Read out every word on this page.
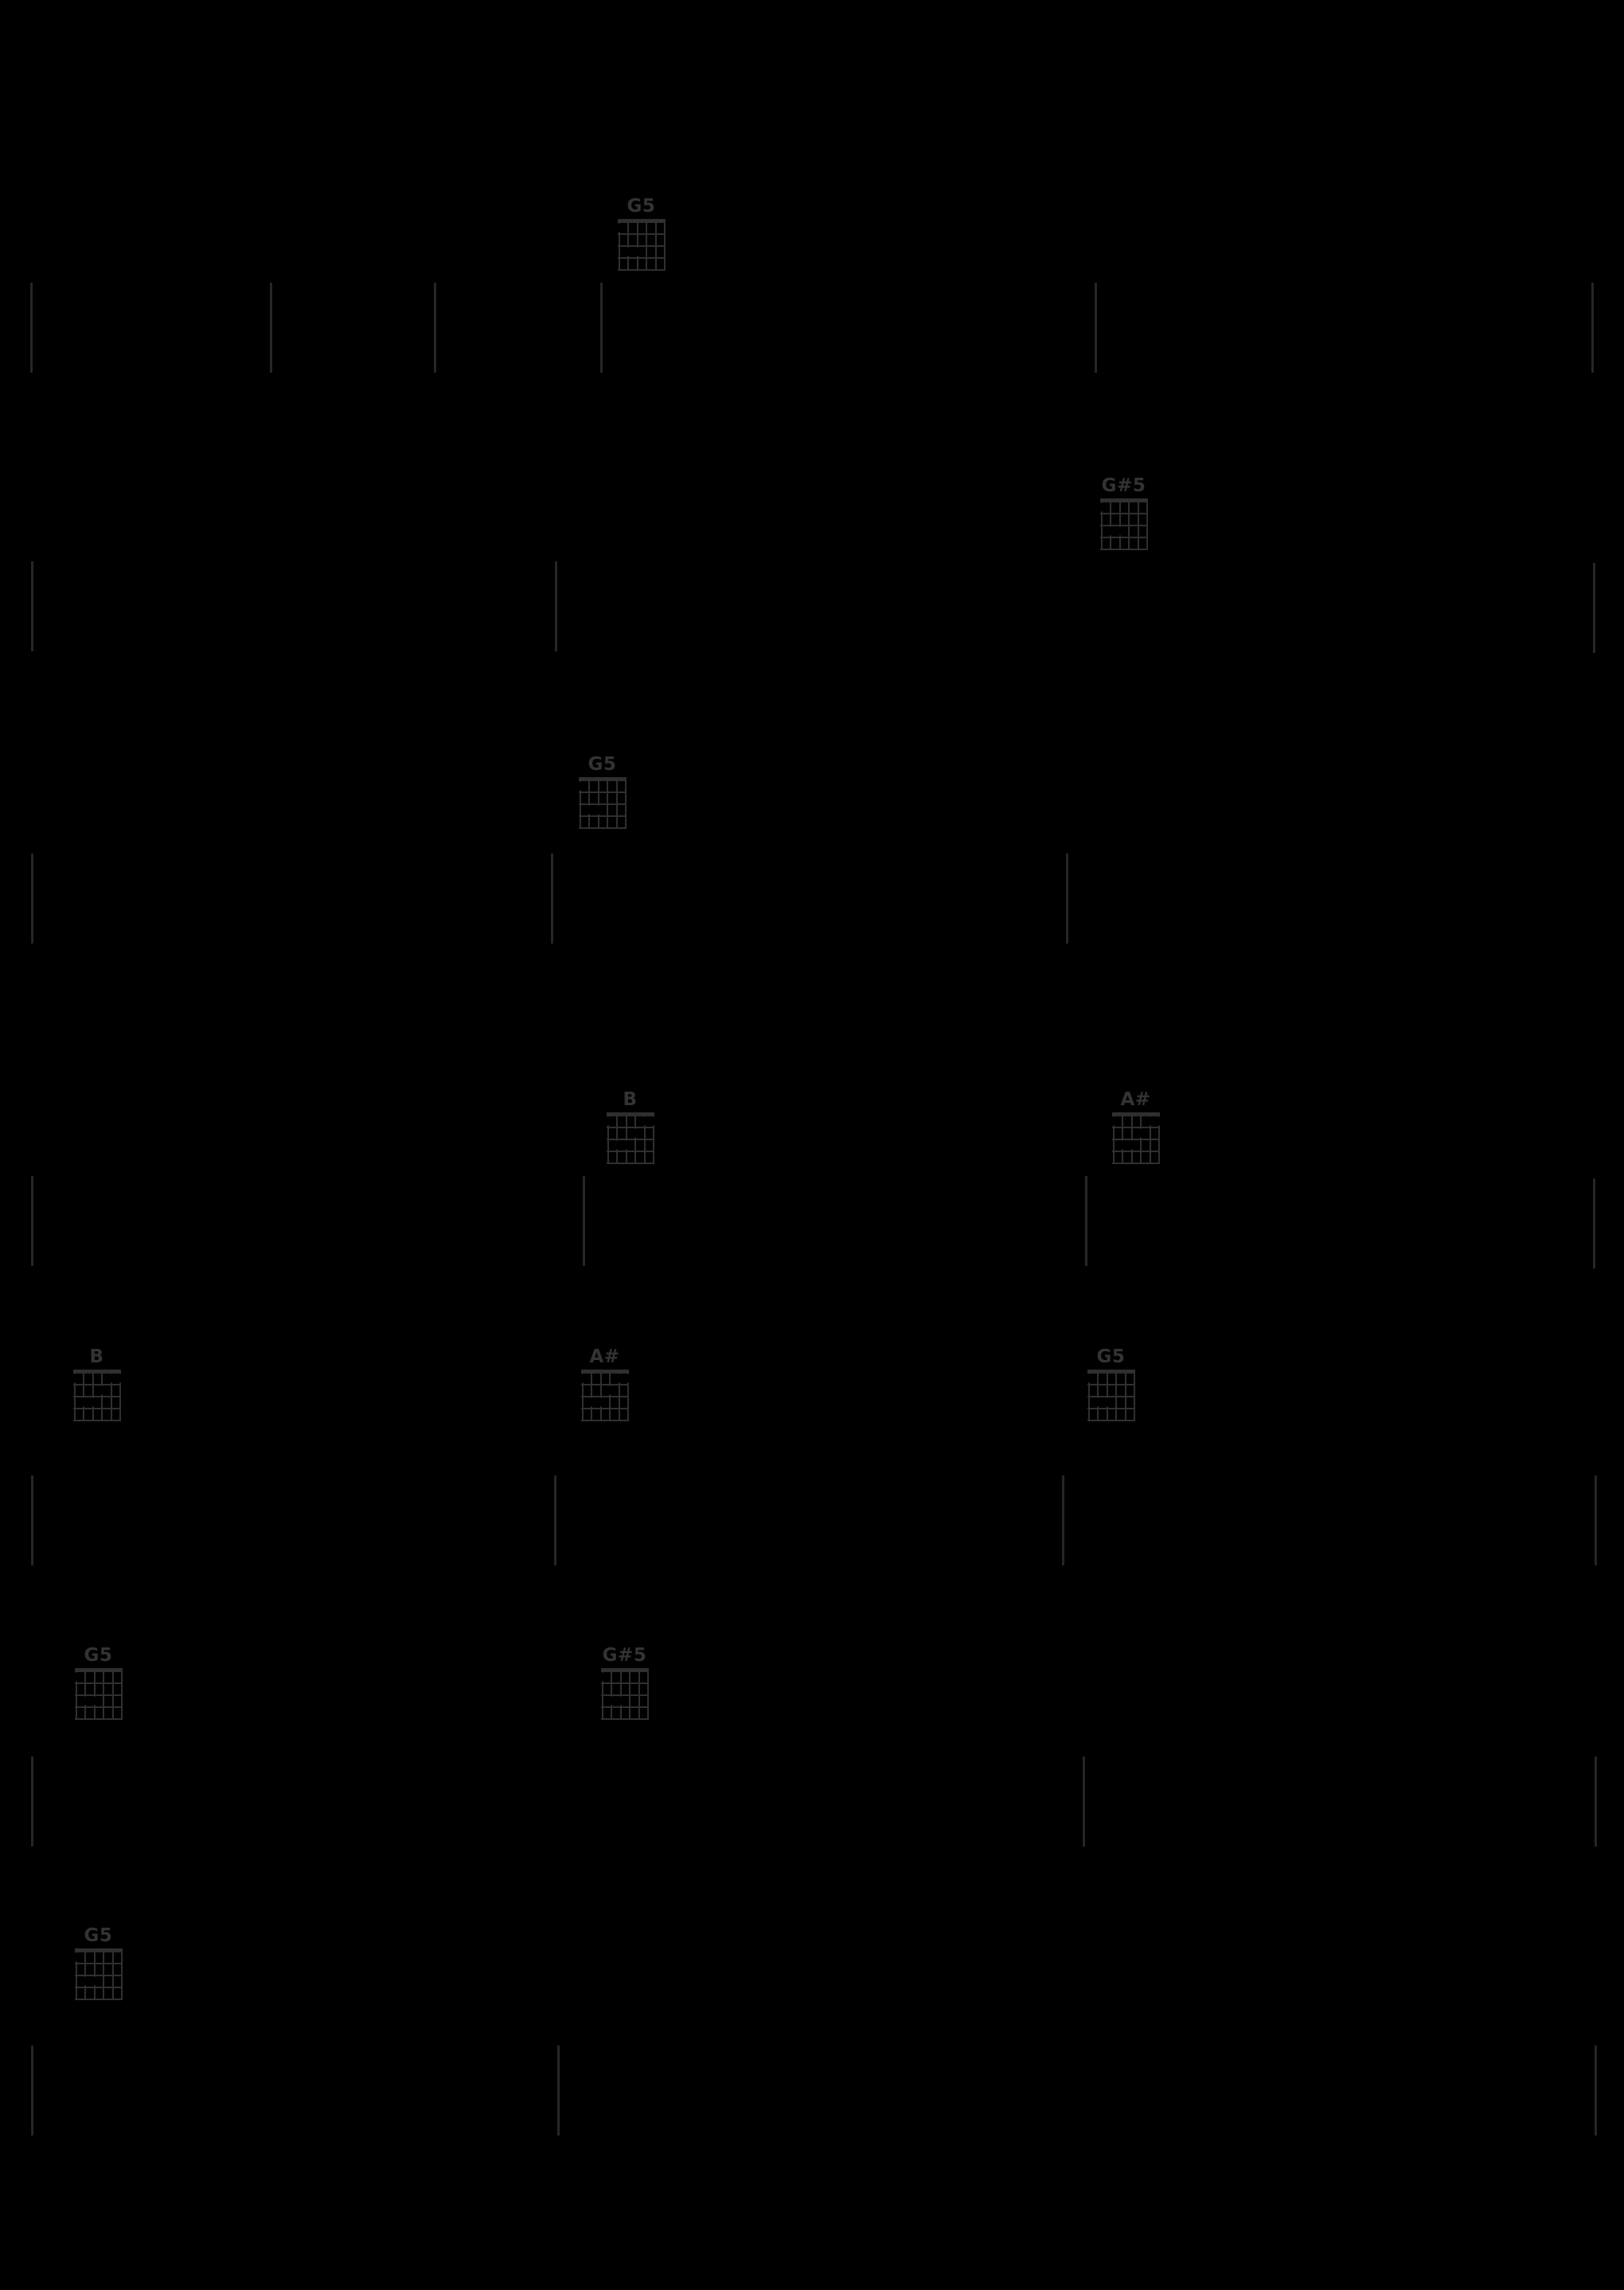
G5
G#5
G5
B	A#
B	A#	G5
G5	G#5
G5
